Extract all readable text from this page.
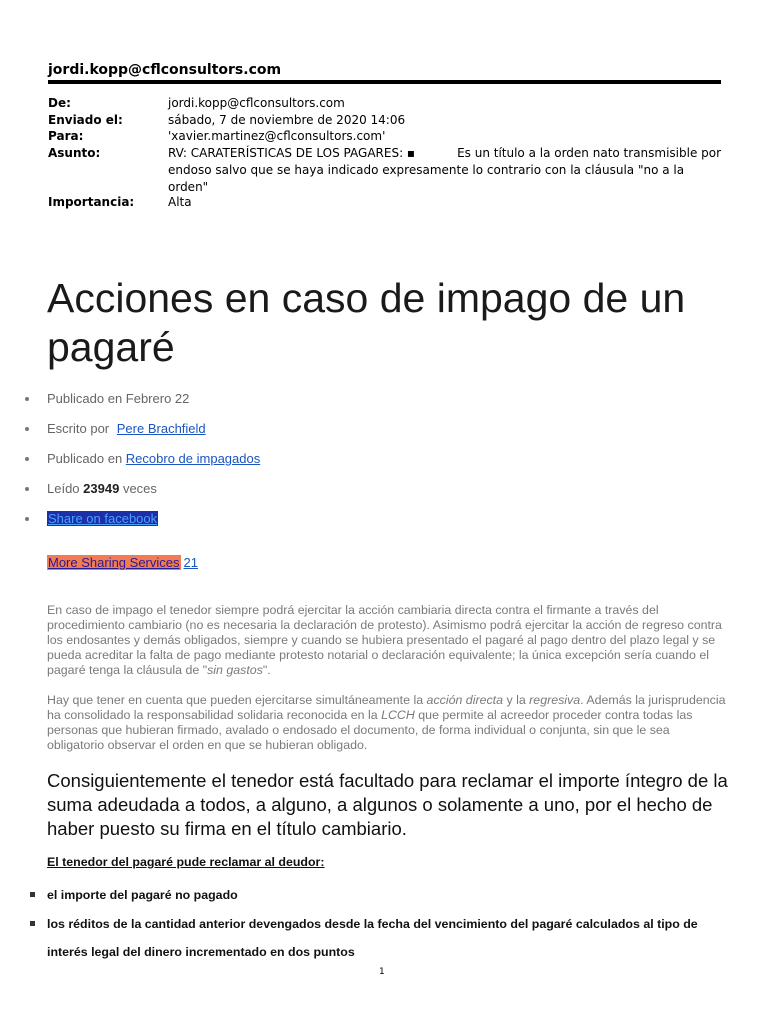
jordi.kopp@cflconsultors.com
De:	jordi.kopp@cflconsultors.com
Enviado el:	sábado, 7 de noviembre de 2020 14:06
Para:	'xavier.martinez@cflconsultors.com'
Asunto:	RV: CARATERÍSTICAS DE LOS PAGARES: ▪	Es un título a la orden nato transmisible por endoso salvo que se haya indicado expresamente lo contrario con la cláusula "no a la orden"
Importancia:	Alta
Acciones en caso de impago de un pagaré
Publicado en Febrero 22
Escrito por Pere Brachfield
Publicado en Recobro de impagados
Leído 23949 veces
Share on facebook
More Sharing Services 21

En caso de impago el tenedor siempre podrá ejercitar la acción cambiaria directa contra el firmante a través del procedimiento cambiario (no es necesaria la declaración de protesto). Asimismo podrá ejercitar la acción de regreso contra los endosantes y demás obligados, siempre y cuando se hubiera presentado el pagaré al pago dentro del plazo legal y se pueda acreditar la falta de pago mediante protesto notarial o declaración equivalente; la única excepción sería cuando el pagaré tenga la cláusula de "sin gastos".

Hay que tener en cuenta que pueden ejercitarse simultáneamente la acción directa y la regresiva. Además la jurisprudencia ha consolidado la responsabilidad solidaria reconocida en la LCCH que permite al acreedor proceder contra todas las personas que hubieran firmado, avalado o endosado el documento, de forma individual o conjunta, sin que le sea obligatorio observar el orden en que se hubieran obligado.

Consiguientemente el tenedor está facultado para reclamar el importe íntegro de la suma adeudada a todos, a alguno, a algunos o solamente a uno, por el hecho de haber puesto su firma en el título cambiario.

El tenedor del pagaré pude reclamar al deudor:
el importe del pagaré no pagado
los réditos de la cantidad anterior devengados desde la fecha del vencimiento del pagaré calculados al tipo de interés legal del dinero incrementado en dos puntos
1
